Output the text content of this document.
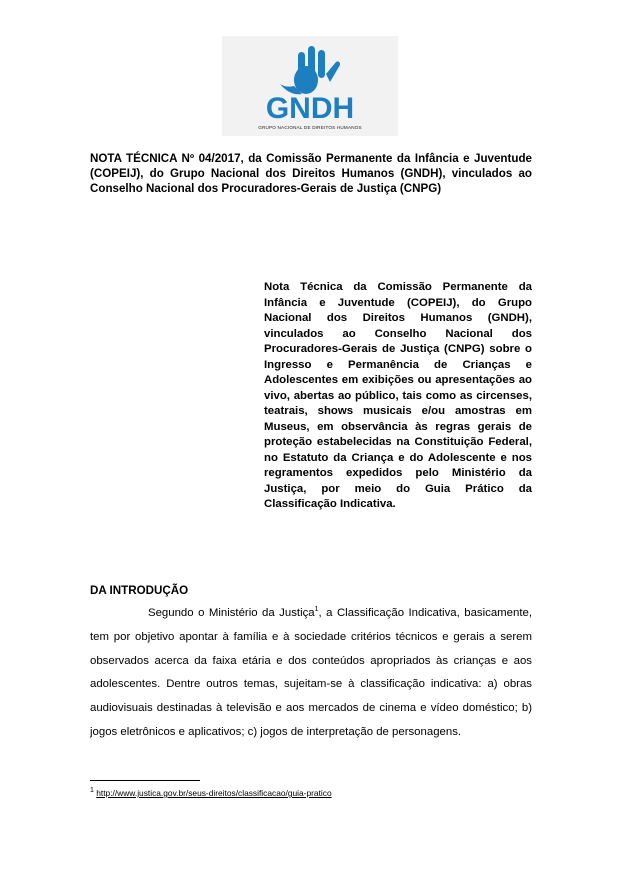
GNDH
GRUPO NACIONAL DE DIREITOS HUMANOS
NOTA TÉCNICA Nº 04/2017, da Comissão Permanente da Infância e Juventude (COPEIJ), do Grupo Nacional dos Direitos Humanos (GNDH), vinculados ao Conselho Nacional dos Procuradores-Gerais de Justiça (CNPG)
Nota Técnica da Comissão Permanente da Infância e Juventude (COPEIJ), do Grupo Nacional dos Direitos Humanos (GNDH), vinculados ao Conselho Nacional dos Procuradores-Gerais de Justiça (CNPG) sobre o Ingresso e Permanência de Crianças e Adolescentes em exibições ou apresentações ao vivo, abertas ao público, tais como as circenses, teatrais, shows musicais e/ou amostras em Museus, em observância às regras gerais de proteção estabelecidas na Constituição Federal, no Estatuto da Criança e do Adolescente e nos regramentos expedidos pelo Ministério da Justiça, por meio do Guia Prático da Classificação Indicativa.
DA INTRODUÇÃO
Segundo o Ministério da Justiça$^1$, a Classificação Indicativa, basicamente, tem por objetivo apontar à família e à sociedade critérios técnicos e gerais a serem observados acerca da faixa etária e dos conteúdos apropriados às crianças e aos adolescentes. Dentre outros temas, sujeitam-se à classificação indicativa: a) obras audiovisuais destinadas à televisão e aos mercados de cinema e vídeo doméstico; b) jogos eletrônicos e aplicativos; c) jogos de interpretação de personagens.
$^1$ http://www.justica.gov.br/seus-direitos/classificacao/guia-pratico
